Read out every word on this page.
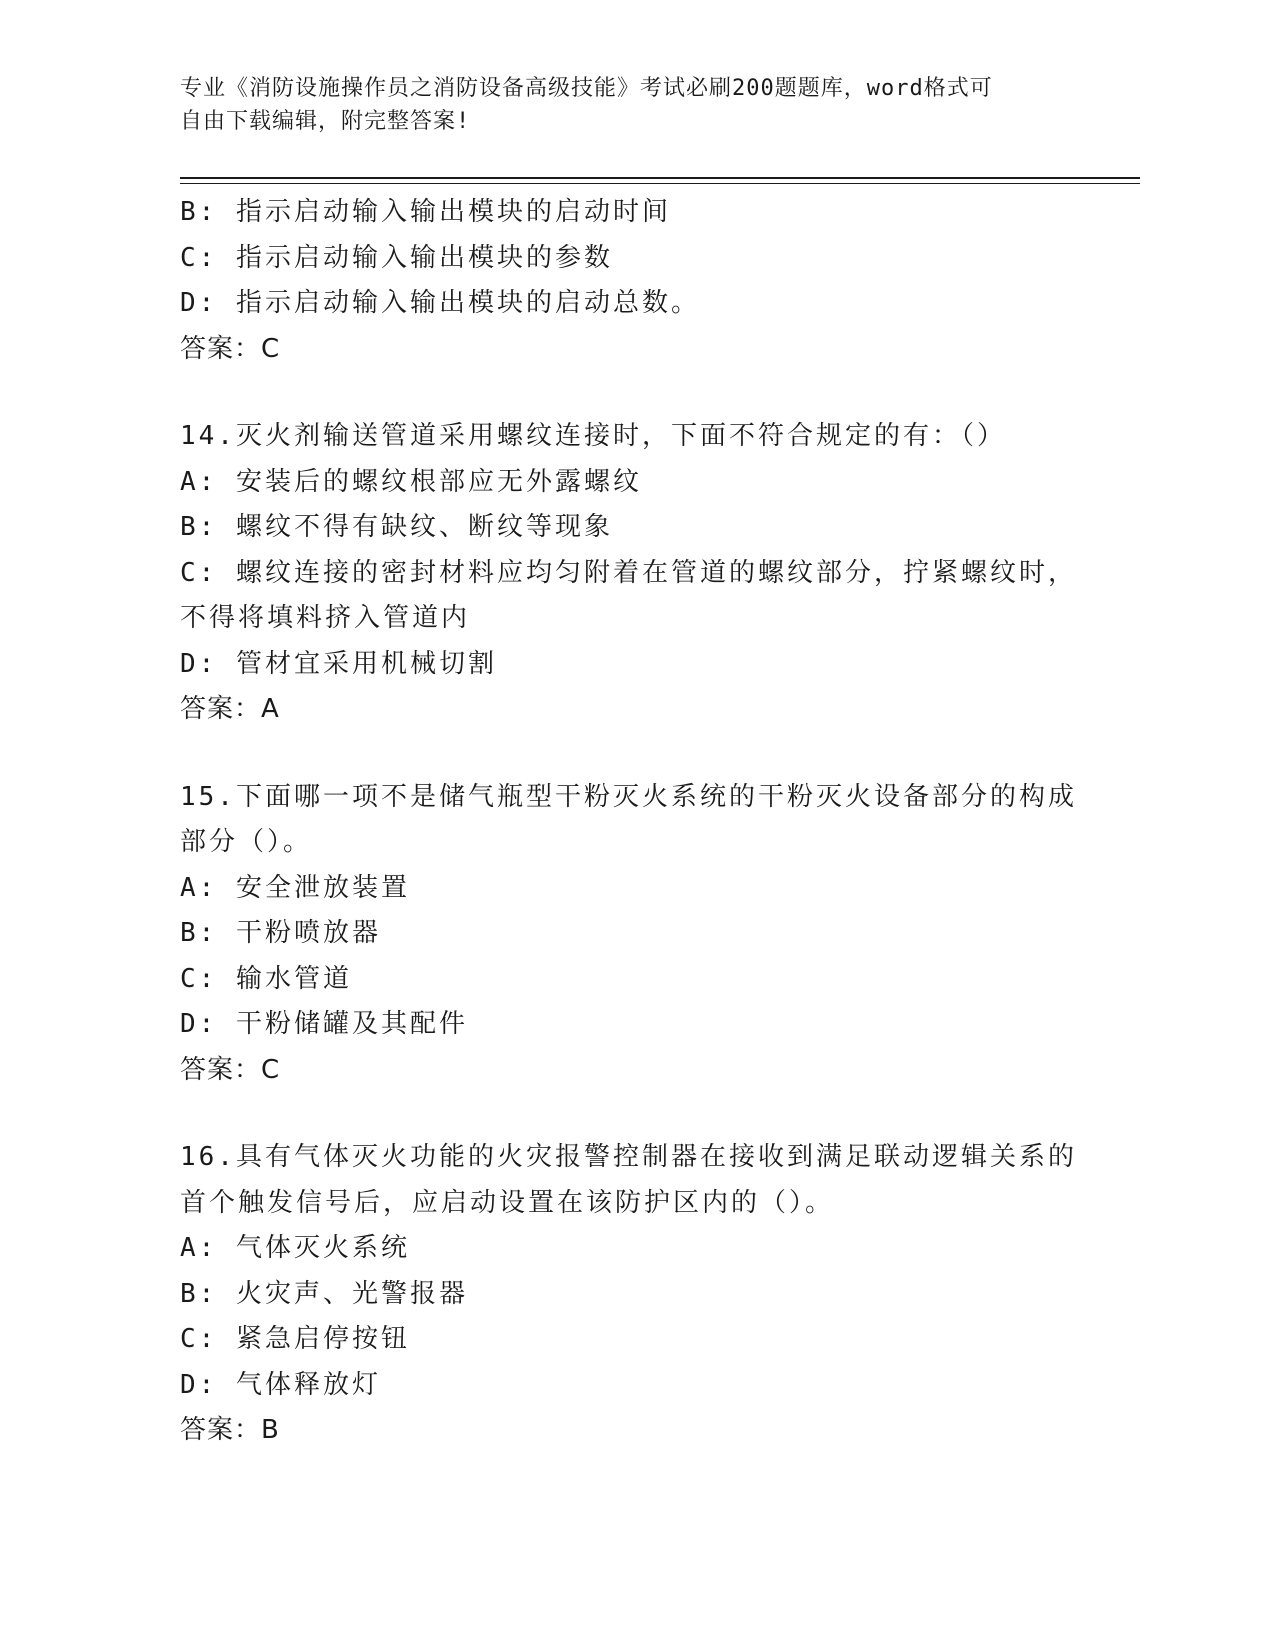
专业《消防设施操作员之消防设备高级技能》考试必刷200题题库，word格式可
自由下载编辑，附完整答案!
B: 指示启动输入输出模块的启动时间
C: 指示启动输入输出模块的参数
D: 指示启动输入输出模块的启动总数。
答案：C
14.灭火剂输送管道采用螺纹连接时，下面不符合规定的有：（）
A: 安装后的螺纹根部应无外露螺纹
B: 螺纹不得有缺纹、断纹等现象
C: 螺纹连接的密封材料应均匀附着在管道的螺纹部分，拧紧螺纹时，
不得将填料挤入管道内
D: 管材宜采用机械切割
答案：A
15.下面哪一项不是储气瓶型干粉灭火系统的干粉灭火设备部分的构成
部分（）。
A: 安全泄放装置
B: 干粉喷放器
C: 输水管道
D: 干粉储罐及其配件
答案：C
16.具有气体灭火功能的火灾报警控制器在接收到满足联动逻辑关系的
首个触发信号后，应启动设置在该防护区内的（）。
A: 气体灭火系统
B: 火灾声、光警报器
C: 紧急启停按钮
D: 气体释放灯
答案：B
